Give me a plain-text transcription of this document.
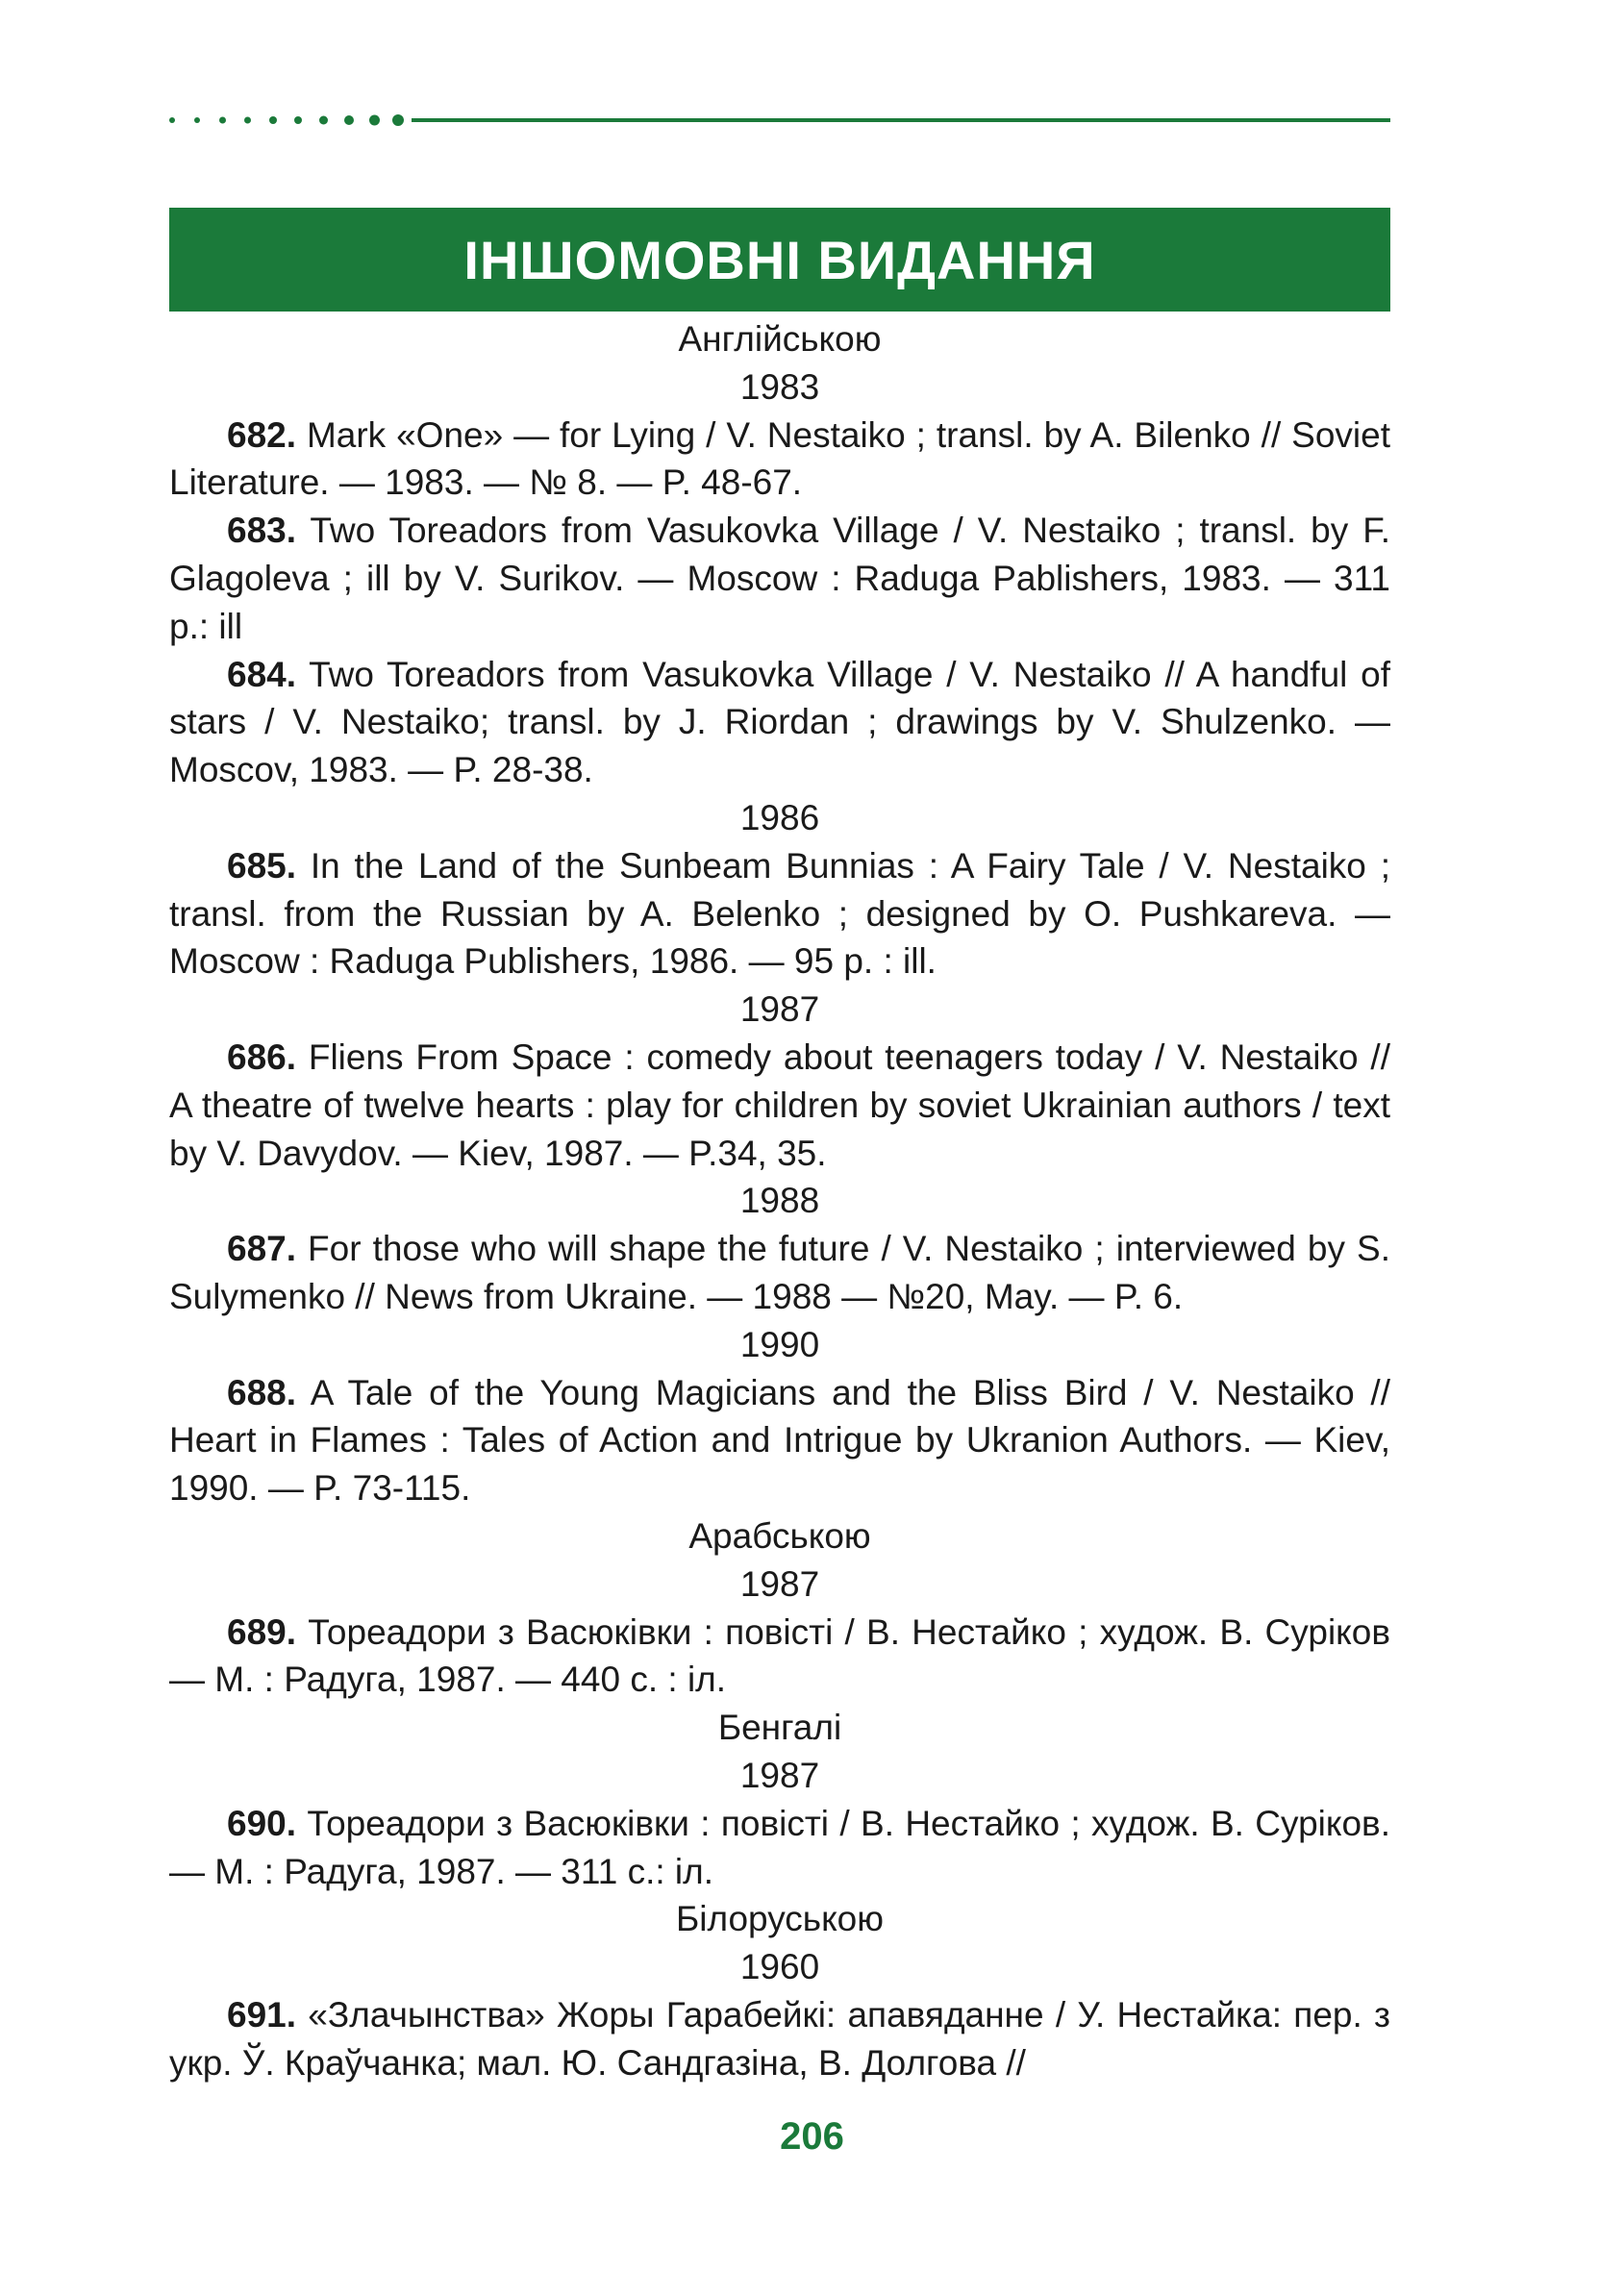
ІНШОМОВНІ ВИДАННЯ
Англійською
1983

682. Mark «One» — for Lying / V. Nestaiko ; transl. by A. Bilenko // Soviet Literature. — 1983. — № 8. — P. 48-67.

683. Two Toreadors from Vasukovka Village / V. Nestaiko ; transl. by F. Glagoleva ; ill by V. Surikov. — Moscow : Raduga Pablishers, 1983. — 311 p.: ill

684. Two Toreadors from Vasukovka Village / V. Nestaiko // A handful of stars / V. Nestaiko; transl. by J. Riordan ; drawings by V. Shulzenko. — Moscov, 1983. — P. 28-38.

1986

685. In the Land of the Sunbeam Bunnias : A Fairy Tale / V. Nestaiko ; transl. from the Russian by A. Belenko ; designed by O. Pushkareva. — Moscow : Raduga Publishers, 1986. — 95 p. : ill.

1987

686. Fliens From Space : comedy about teenagers today / V. Nestaiko // A theatre of twelve hearts : play for children by soviet Ukrainian authors / text by V. Davydov. — Kiev, 1987. — P.34, 35.

1988

687. For those who will shape the future / V. Nestaiko ; interviewed by S. Sulymenko // News from Ukraine. — 1988 — №20, May. — P. 6.

1990

688. A Tale of the Young Magicians and the Bliss Bird / V. Nestaiko // Heart in Flames : Tales of Action and Intrigue by Ukranion Authors. — Kiev, 1990. — P. 73-115.

Арабською
1987

689. Тореадори з Васюківки : повісті / В. Нестайко ; худож. В. Суріков — М. : Радуга, 1987. — 440 с. : іл.

Бенгалі
1987

690. Тореадори з Васюківки : повісті / В. Нестайко ; худож. В. Суріков. — М. : Радуга, 1987. — 311 с.: іл.

Білоруською
1960

691. «Злачынства» Жоры Гарабейкі: апавяданне / У. Нестайка: пер. з укр. Ў. Краўчанка; мал. Ю. Сандгазіна, В. Долгова //

206
